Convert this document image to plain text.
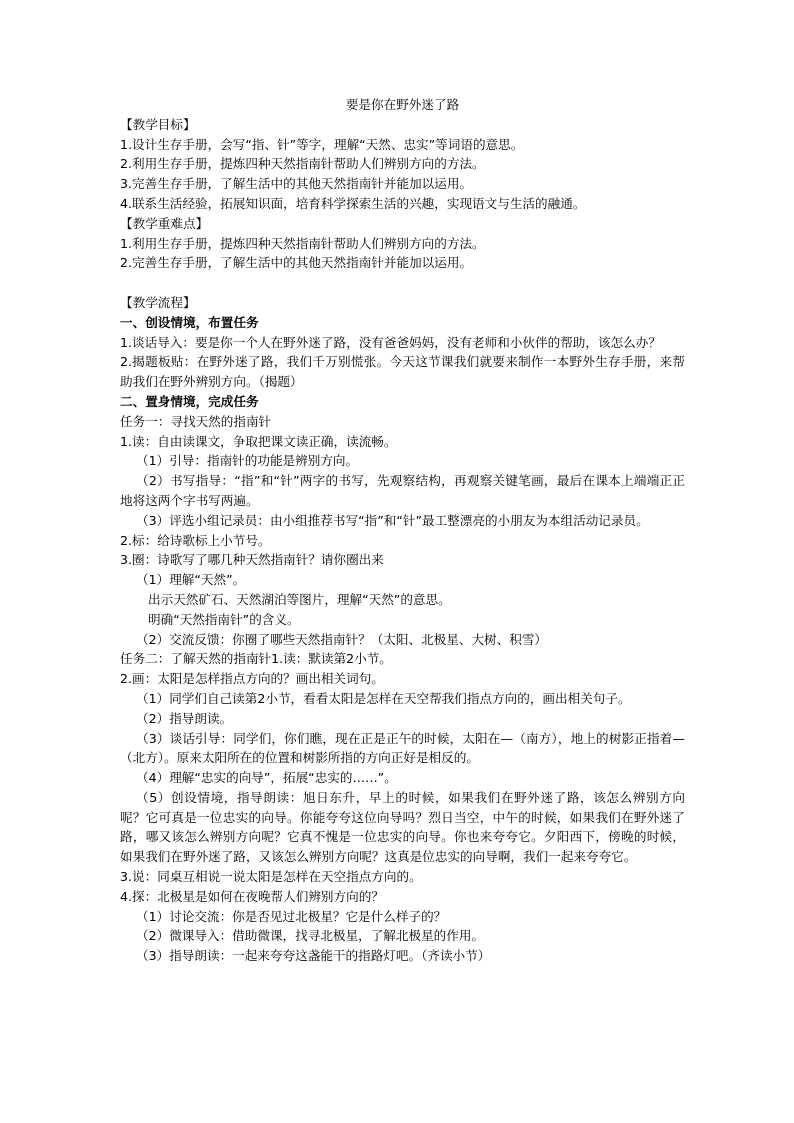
要是你在野外迷了路
【教学目标】
1.设计生存手册，会写“指、针”等字，理解“天然、忠实”等词语的意思。
2.利用生存手册，提炼四种天然指南针帮助人们辨别方向的方法。
3.完善生存手册，了解生活中的其他天然指南针并能加以运用。
4.联系生活经验，拓展知识面，培育科学探索生活的兴趣，实现语文与生活的融通。
【教学重难点】
1.利用生存手册，提炼四种天然指南针帮助人们辨别方向的方法。
2.完善生存手册，了解生活中的其他天然指南针并能加以运用。
【教学流程】
一、创设情境，布置任务
1.谈话导入：要是你一个人在野外迷了路，没有爸爸妈妈，没有老师和小伙伴的帮助，该怎么办？
2.揭题板贴：在野外迷了路，我们千万别慌张。今天这节课我们就要来制作一本野外生存手册，来帮助我们在野外辨别方向。（揭题）
二、置身情境，完成任务
任务一：寻找天然的指南针
1.读：自由读课文，争取把课文读正确，读流畅。
（1）引导：指南针的功能是辨别方向。
（2）书写指导：“指”和“针”两字的书写，先观察结构，再观察关键笔画，最后在课本上端端正正地将这两个字书写两遍。
（3）评选小组记录员：由小组推荐书写“指”和“针”最工整漂亮的小朋友为本组活动记录员。
2.标：给诗歌标上小节号。
3.圈：诗歌写了哪几种天然指南针？请你圈出来
（1）理解“天然”。
出示天然矿石、天然湖泊等图片，理解“天然”的意思。
明确“天然指南针”的含义。
（2）交流反馈：你圈了哪些天然指南针？（太阳、北极星、大树、积雪）
任务二：了解天然的指南针1.读：默读第2小节。
2.画：太阳是怎样指点方向的？画出相关词句。
（1）同学们自己读第2小节，看看太阳是怎样在天空帮我们指点方向的，画出相关句子。
（2）指导朗读。
（3）谈话引导：同学们，你们瞧，现在正是正午的时候，太阳在—（南方），地上的树影正指着—（北方）。原来太阳所在的位置和树影所指的方向正好是相反的。
（4）理解“忠实的向导”，拓展“忠实的……”。
（5）创设情境，指导朗读：旭日东升，早上的时候，如果我们在野外迷了路，该怎么辨别方向呢？它可真是一位忠实的向导。你能夸夸这位向导吗？烈日当空，中午的时候，如果我们在野外迷了路，哪又该怎么辨别方向呢？它真不愧是一位忠实的向导。你也来夸夸它。夕阳西下，傍晚的时候，如果我们在野外迷了路，又该怎么辨别方向呢？这真是位忠实的向导啊，我们一起来夸夸它。
3.说：同桌互相说一说太阳是怎样在天空指点方向的。
4.探：北极星是如何在夜晚帮人们辨别方向的？
（1）讨论交流：你是否见过北极星？它是什么样子的？
（2）微课导入：借助微课，找寻北极星，了解北极星的作用。
（3）指导朗读：一起来夸夸这盏能干的指路灯吧。（齐读小节）
